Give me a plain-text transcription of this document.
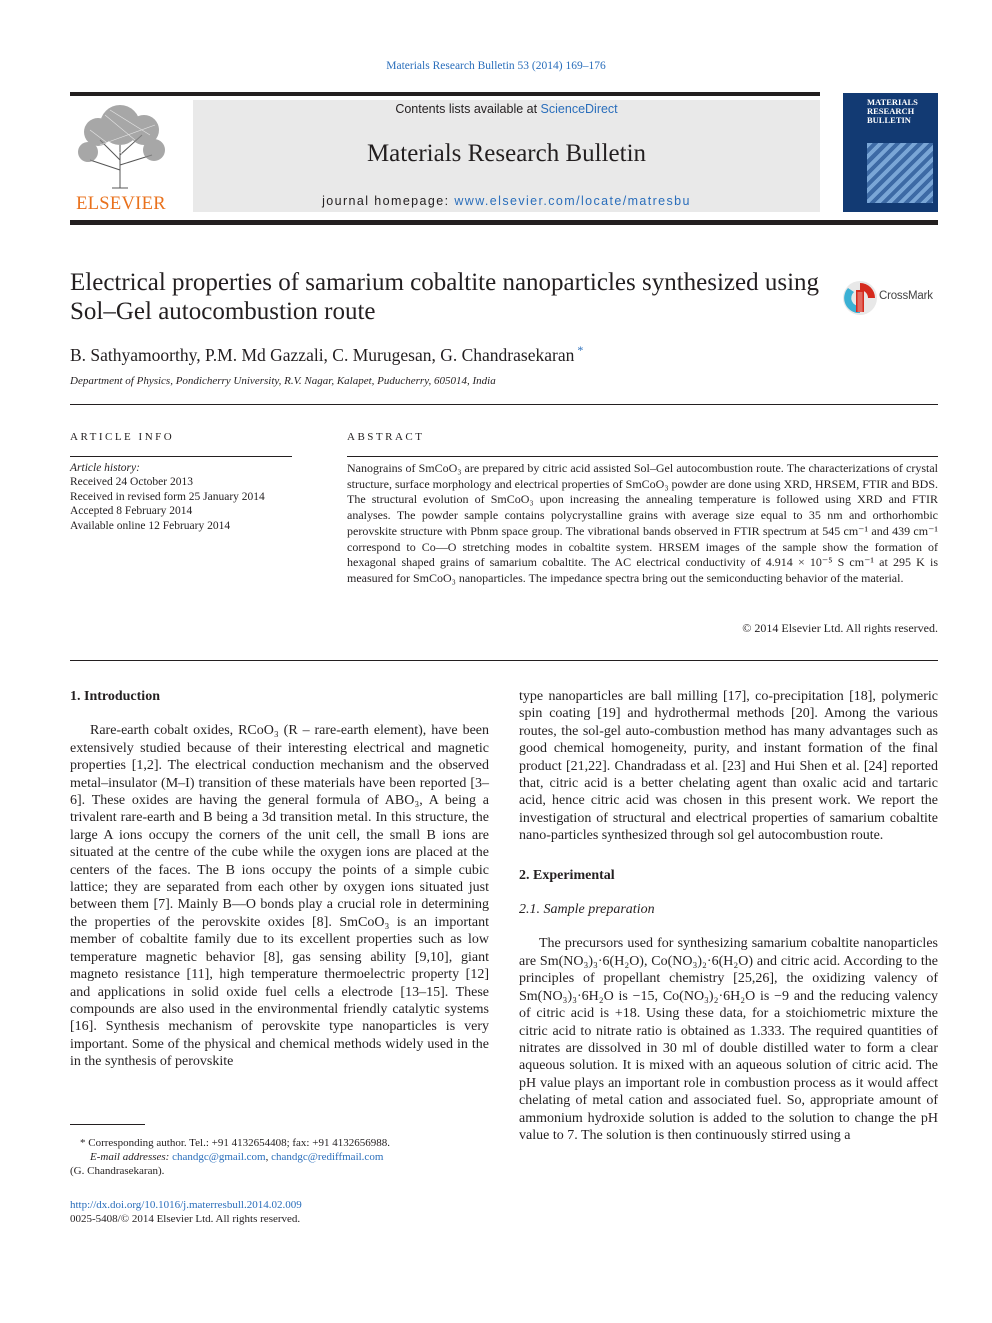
Materials Research Bulletin 53 (2014) 169–176
ELSEVIER
Contents lists available at ScienceDirect
Materials Research Bulletin
journal homepage: www.elsevier.com/locate/matresbu
MATERIALS RESEARCH BULLETIN
Electrical properties of samarium cobaltite nanoparticles synthesized using Sol–Gel autocombustion route
CrossMark
B. Sathyamoorthy, P.M. Md Gazzali, C. Murugesan, G. Chandrasekaran *
Department of Physics, Pondicherry University, R.V. Nagar, Kalapet, Puducherry, 605014, India
ARTICLE INFO
Article history:
Received 24 October 2013
Received in revised form 25 January 2014
Accepted 8 February 2014
Available online 12 February 2014
ABSTRACT
Nanograins of SmCoO₃ are prepared by citric acid assisted Sol–Gel autocombustion route. The characterizations of crystal structure, surface morphology and electrical properties of SmCoO₃ powder are done using XRD, HRSEM, FTIR and BDS. The structural evolution of SmCoO₃ upon increasing the annealing temperature is followed using XRD and FTIR analyses. The powder sample contains polycrystalline grains with average size equal to 35 nm and orthorhombic perovskite structure with Pbnm space group. The vibrational bands observed in FTIR spectrum at 545 cm⁻¹ and 439 cm⁻¹ correspond to Co—O stretching modes in cobaltite system. HRSEM images of the sample show the formation of hexagonal shaped grains of samarium cobaltite. The AC electrical conductivity of 4.914 × 10⁻⁵ S cm⁻¹ at 295 K is measured for SmCoO₃ nanoparticles. The impedance spectra bring out the semiconducting behavior of the material.
© 2014 Elsevier Ltd. All rights reserved.
1. Introduction

Rare-earth cobalt oxides, RCoO₃ (R – rare-earth element), have been extensively studied because of their interesting electrical and magnetic properties [1,2]. The electrical conduction mechanism and the observed metal–insulator (M–I) transition of these materials have been reported [3–6]. These oxides are having the general formula of ABO₃, A being a trivalent rare-earth and B being a 3d transition metal. In this structure, the large A ions occupy the corners of the unit cell, the small B ions are situated at the centre of the cube while the oxygen ions are placed at the centers of the faces. The B ions occupy the points of a simple cubic lattice; they are separated from each other by oxygen ions situated just between them [7]. Mainly B—O bonds play a crucial role in determining the properties of the perovskite oxides [8]. SmCoO₃ is an important member of cobaltite family due to its excellent properties such as low temperature magnetic behavior [8], gas sensing ability [9,10], giant magneto resistance [11], high temperature thermoelectric property [12] and applications in solid oxide fuel cells a electrode [13–15]. These compounds are also used in the environmental friendly catalytic systems [16]. Synthesis mechanism of perovskite type nanoparticles is very important. Some of the physical and chemical methods widely used in the in the synthesis of perovskite

type nanoparticles are ball milling [17], co-precipitation [18], polymeric spin coating [19] and hydrothermal methods [20]. Among the various routes, the sol-gel auto-combustion method has many advantages such as good chemical homogeneity, purity, and instant formation of the final product [21,22]. Chandradass et al. [23] and Hui Shen et al. [24] reported that, citric acid is a better chelating agent than oxalic acid and tartaric acid, hence citric acid was chosen in this present work. We report the investigation of structural and electrical properties of samarium cobaltite nano-particles synthesized through sol gel autocombustion route.
2. Experimental
2.1. Sample preparation

The precursors used for synthesizing samarium cobaltite nanoparticles are Sm(NO₃)₃·6(H₂O), Co(NO₃)₂·6(H₂O) and citric acid. According to the principles of propellant chemistry [25,26], the oxidizing valency of Sm(NO₃)₃·6H₂O is −15, Co(NO₃)₂·6H₂O is −9 and the reducing valency of citric acid is +18. Using these data, for a stoichiometric mixture the citric acid to nitrate ratio is obtained as 1.333. The required quantities of nitrates are dissolved in 30 ml of double distilled water to form a clear aqueous solution. It is mixed with an aqueous solution of citric acid. The pH value plays an important role in combustion process as it would affect chelating of metal cation and associated fuel. So, appropriate amount of ammonium hydroxide solution is added to the solution to change the pH value to 7. The solution is then continuously stirred using a

* Corresponding author. Tel.: +91 4132654408; fax: +91 4132656988.
E-mail addresses: chandgc@gmail.com, chandgc@rediffmail.com
(G. Chandrasekaran).
http://dx.doi.org/10.1016/j.materresbull.2014.02.009
0025-5408/© 2014 Elsevier Ltd. All rights reserved.
